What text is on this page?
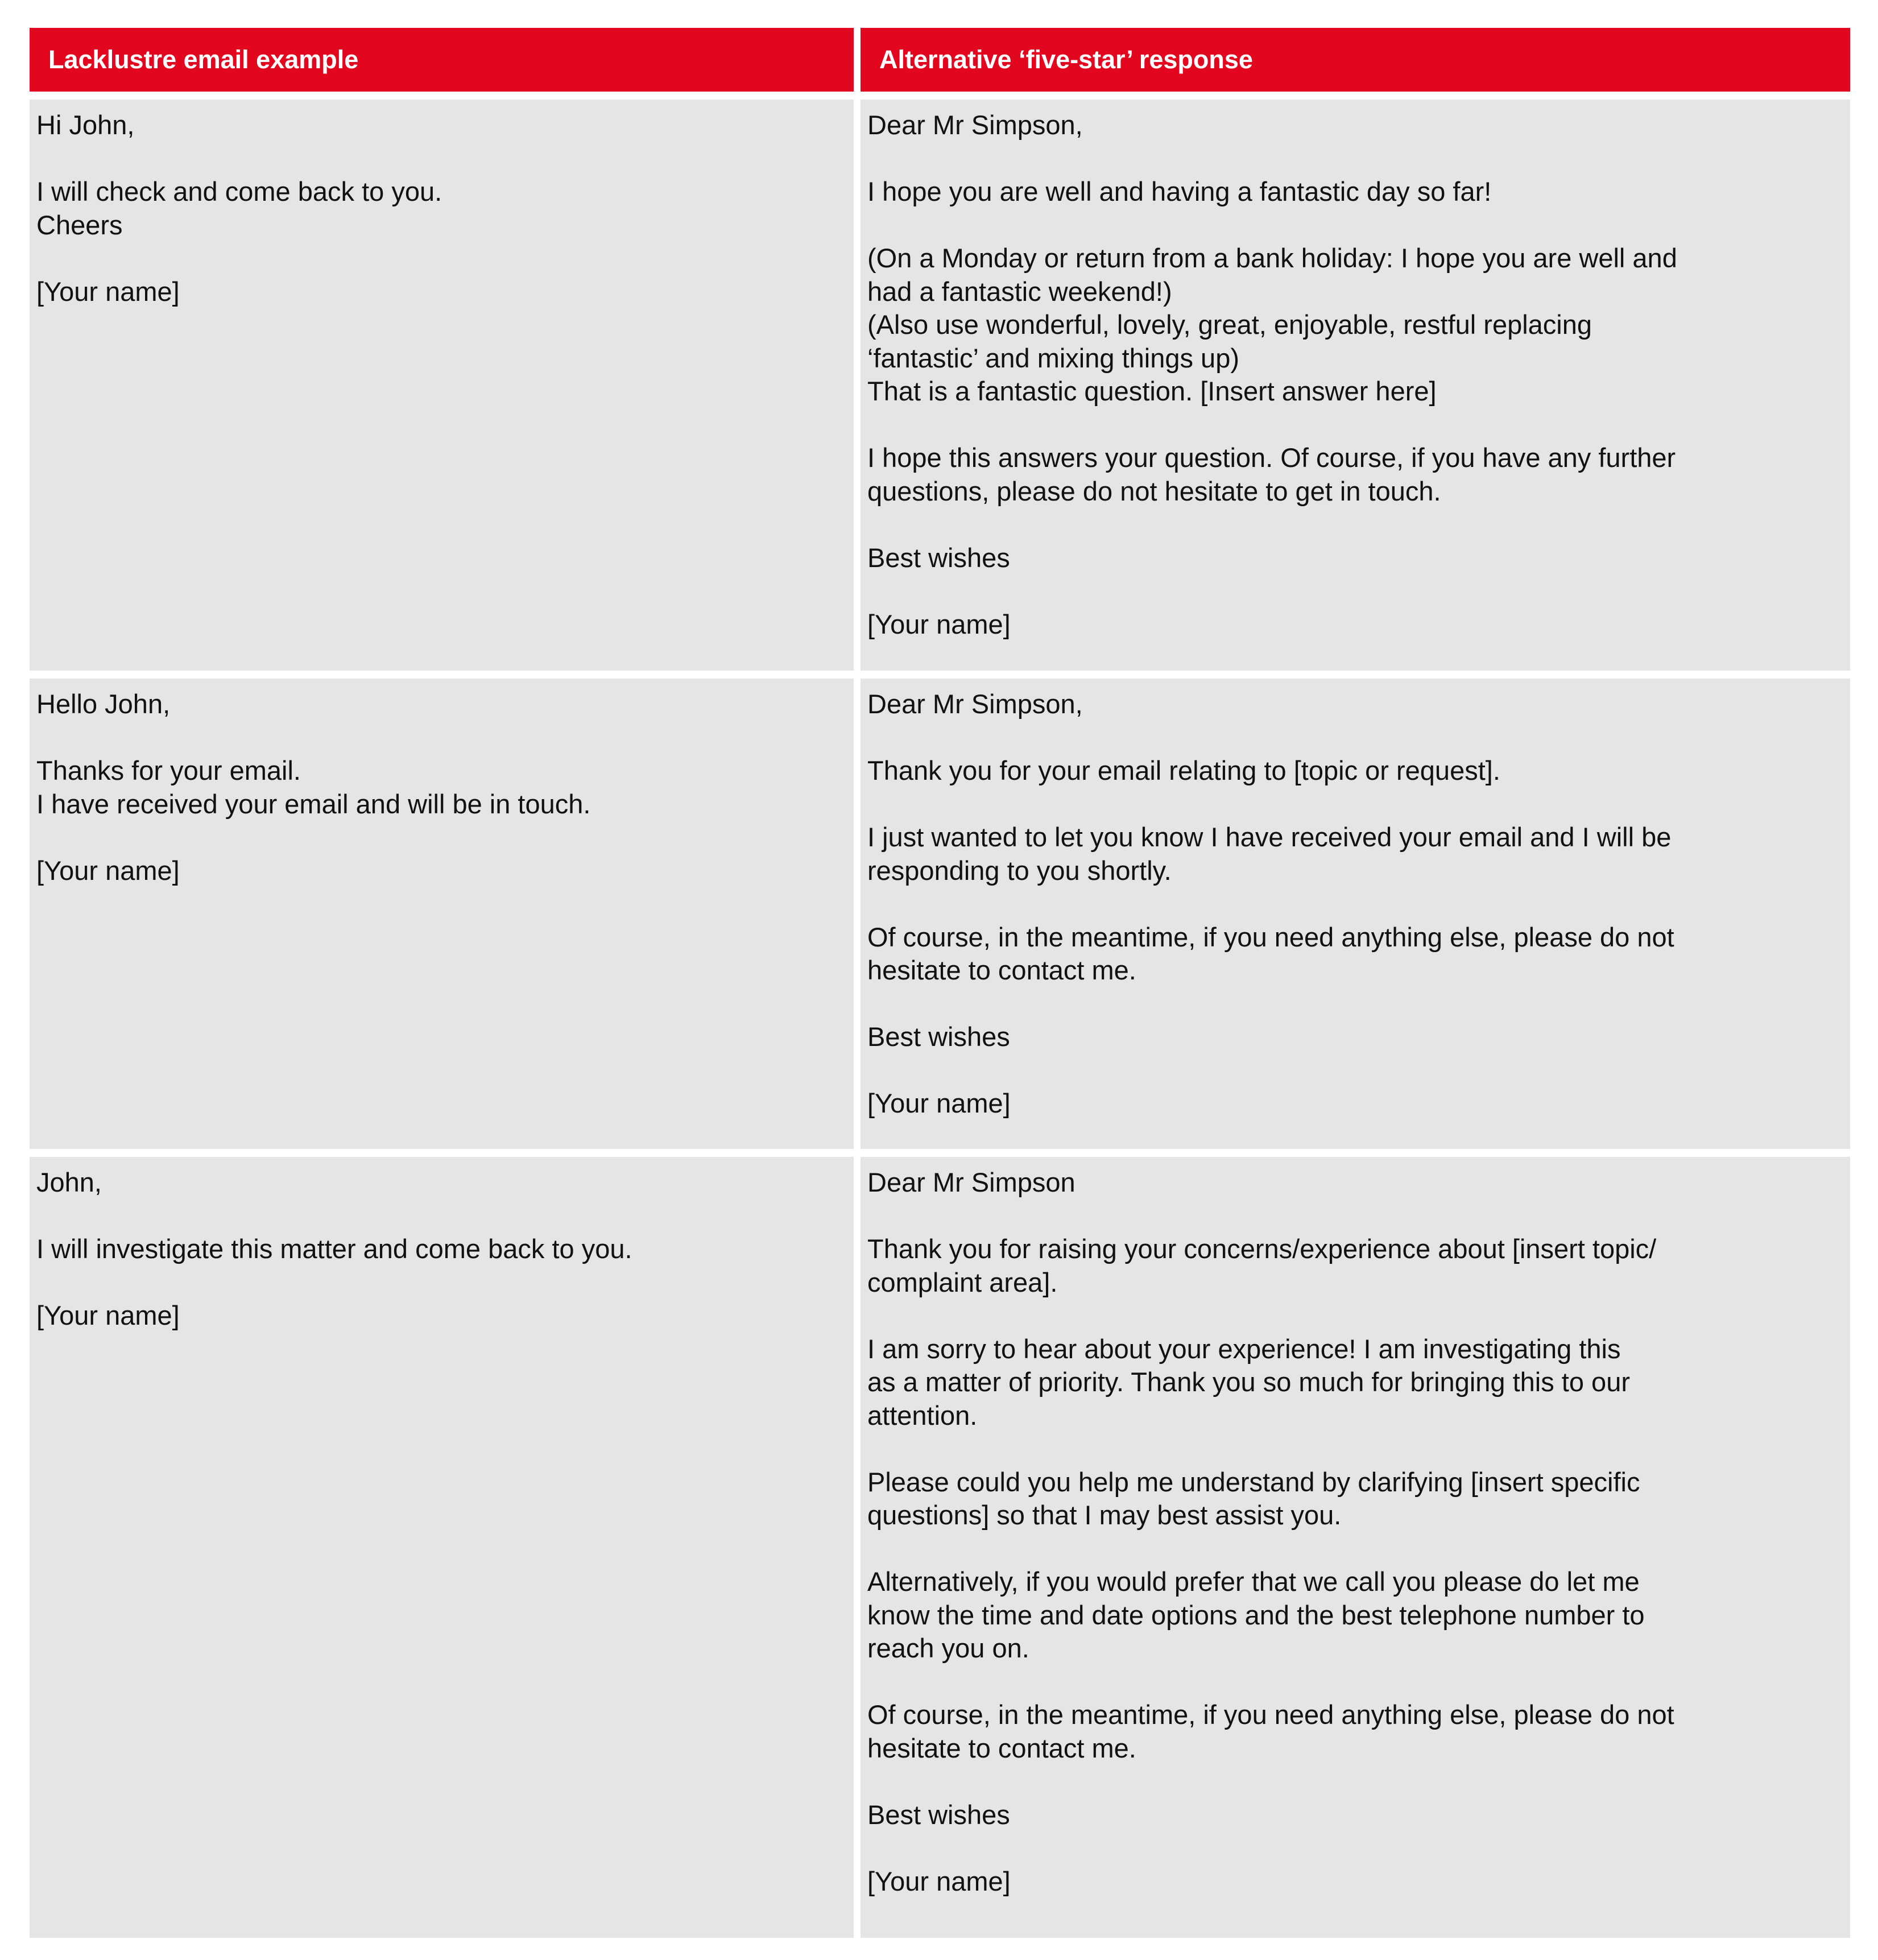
Lacklustre email example	Alternative ‘five-star’ response
Hi John,
I will check and come back to you.
Cheers
[Your name]
Dear Mr Simpson,
I hope you are well and having a fantastic day so far!
(On a Monday or return from a bank holiday: I hope you are well and
had a fantastic weekend!)
(Also use wonderful, lovely, great, enjoyable, restful replacing
‘fantastic’ and mixing things up)
That is a fantastic question. [Insert answer here]
I hope this answers your question. Of course, if you have any further
questions, please do not hesitate to get in touch.
Best wishes
[Your name]
Hello John,
Thanks for your email.
I have received your email and will be in touch.
[Your name]
Dear Mr Simpson,
Thank you for your email relating to [topic or request].
I just wanted to let you know I have received your email and I will be
responding to you shortly.
Of course, in the meantime, if you need anything else, please do not
hesitate to contact me.
Best wishes
[Your name]
John,
I will investigate this matter and come back to you.
[Your name]
Dear Mr Simpson
Thank you for raising your concerns/experience about [insert topic/
complaint area].
I am sorry to hear about your experience! I am investigating this
as a matter of priority. Thank you so much for bringing this to our
attention.
Please could you help me understand by clarifying [insert specific
questions] so that I may best assist you.
Alternatively, if you would prefer that we call you please do let me
know the time and date options and the best telephone number to
reach you on.
Of course, in the meantime, if you need anything else, please do not
hesitate to contact me.
Best wishes
[Your name]
